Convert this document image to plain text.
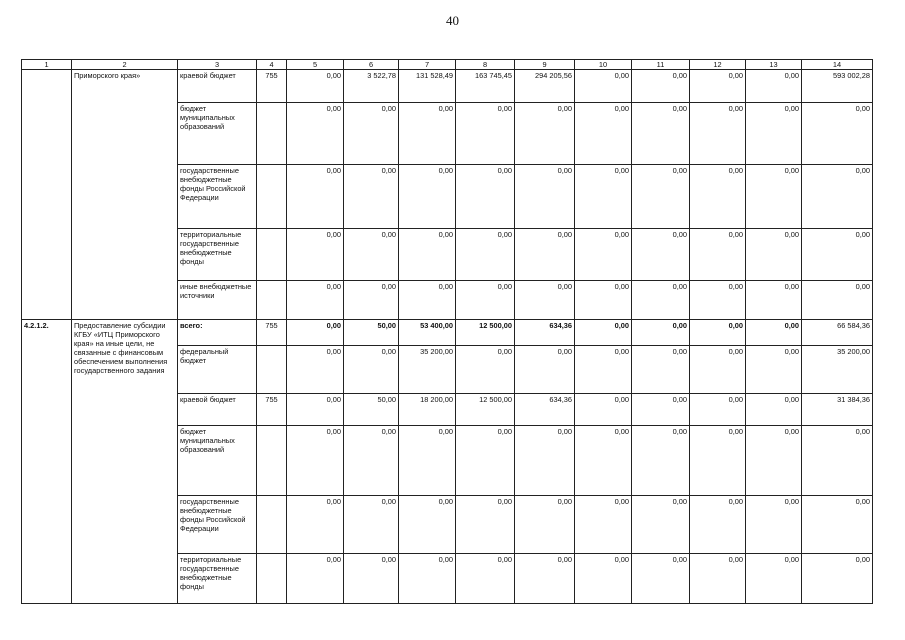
40
1	2	3	4	5	6	7	8	9	10	11	12	13	14
	Приморского края»	краевой бюджет	755	0,00	3 522,78	131 528,49	163 745,45	294 205,56	0,00	0,00	0,00	0,00	593 002,28
		бюджет муниципальных образований		0,00	0,00	0,00	0,00	0,00	0,00	0,00	0,00	0,00	0,00
		государственные внебюджетные фонды Российской Федерации		0,00	0,00	0,00	0,00	0,00	0,00	0,00	0,00	0,00	0,00
		территориальные государственные внебюджетные фонды		0,00	0,00	0,00	0,00	0,00	0,00	0,00	0,00	0,00	0,00
		иные внебюджетные источники		0,00	0,00	0,00	0,00	0,00	0,00	0,00	0,00	0,00	0,00
4.2.1.2.	Предоставление субсидии КГБУ «ИТЦ Приморского края» на иные цели, не связанные с финансовым обеспечением выполнения государственного задания	всего:	755	0,00	50,00	53 400,00	12 500,00	634,36	0,00	0,00	0,00	0,00	66 584,36
		федеральный бюджет		0,00	0,00	35 200,00	0,00	0,00	0,00	0,00	0,00	0,00	35 200,00
		краевой бюджет	755	0,00	50,00	18 200,00	12 500,00	634,36	0,00	0,00	0,00	0,00	31 384,36
		бюджет муниципальных образований		0,00	0,00	0,00	0,00	0,00	0,00	0,00	0,00	0,00	0,00
		государственные внебюджетные фонды Российской Федерации		0,00	0,00	0,00	0,00	0,00	0,00	0,00	0,00	0,00	0,00
		территориальные государственные внебюджетные фонды		0,00	0,00	0,00	0,00	0,00	0,00	0,00	0,00	0,00	0,00
